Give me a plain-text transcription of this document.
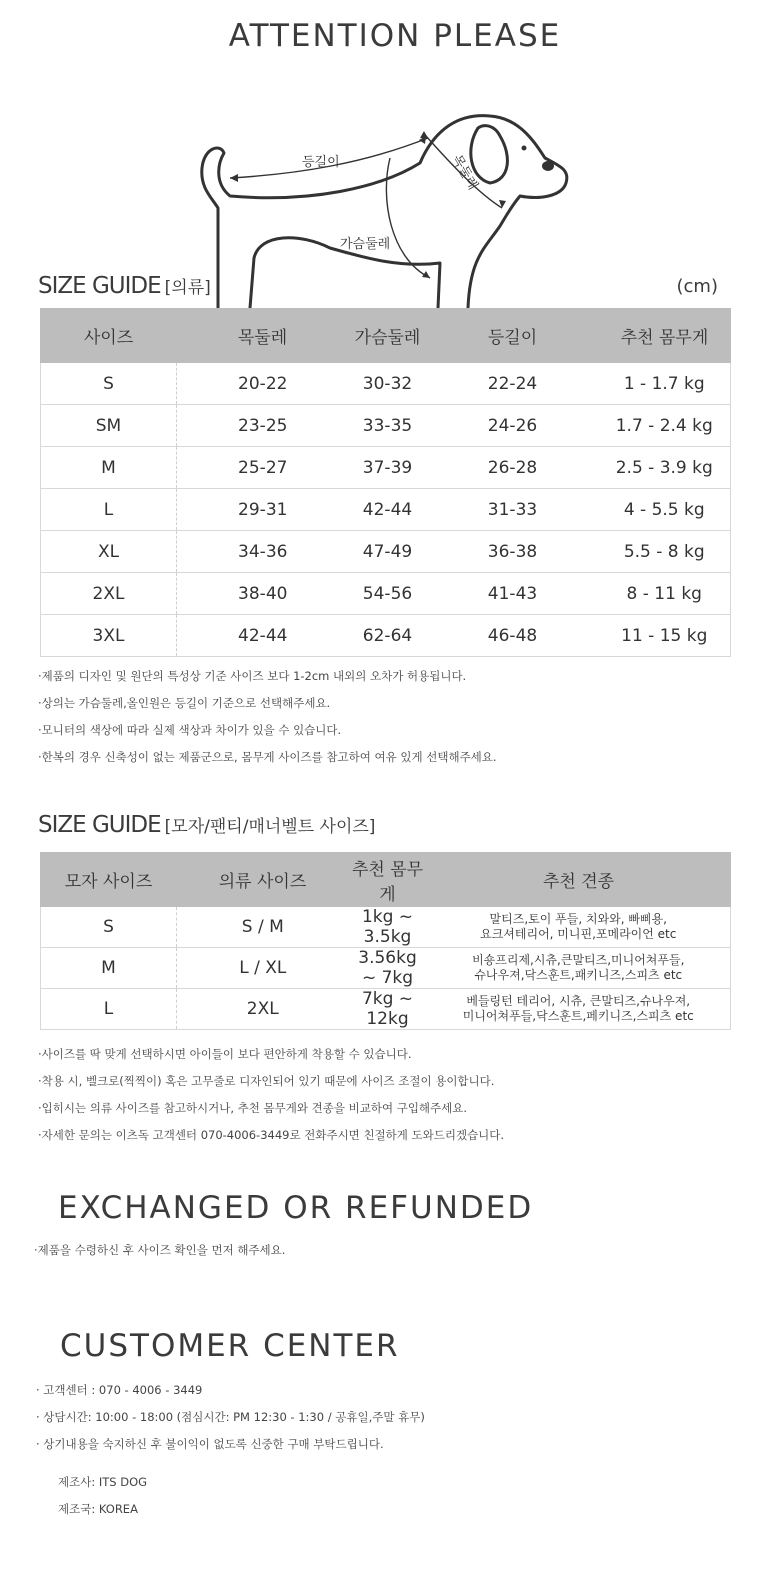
ATTENTION PLEASE
등길이
가슴둘레
목둘레
SIZE GUIDE [의류]	(cm)
사이즈	목둘레	가슴둘레	등길이	추천 몸무게
S	20-22	30-32	22-24	1 - 1.7 kg
SM	23-25	33-35	24-26	1.7 - 2.4 kg
M	25-27	37-39	26-28	2.5 - 3.9 kg
L	29-31	42-44	31-33	4 - 5.5 kg
XL	34-36	47-49	36-38	5.5 - 8 kg
2XL	38-40	54-56	41-43	8 - 11 kg
3XL	42-44	62-64	46-48	11 - 15 kg
·제품의 디자인 및 원단의 특성상 기준 사이즈 보다 1-2cm 내외의 오차가 허용됩니다.
·상의는 가슴둘레,올인원은 등길이 기준으로 선택해주세요.
·모니터의 색상에 따라 실제 색상과 차이가 있을 수 있습니다.
·한복의 경우 신축성이 없는 제품군으로, 몸무게 사이즈를 참고하여 여유 있게 선택해주세요.
SIZE GUIDE [모자/팬티/매너벨트 사이즈]
모자 사이즈	의류 사이즈	추천 몸무게	추천 견종
S	S / M	1kg ~ 3.5kg	말티즈,토이 푸들, 치와와, 빠삐용,
요크셔테리어, 미니핀,포메라이언 etc
M	L / XL	3.56kg ~ 7kg	비숑프리제,시츄,큰말티즈,미니어쳐푸들,
슈나우져,닥스훈트,패키니즈,스피츠 etc
L	2XL	7kg ~ 12kg	베들링턴 테리어, 시츄, 큰말티즈,슈나우져,
미니어쳐푸들,닥스훈트,페키니즈,스피츠 etc
·사이즈를 딱 맞게 선택하시면 아이들이 보다 편안하게 착용할 수 있습니다.
·착용 시, 벨크로(찍찍이) 혹은 고무줄로 디자인되어 있기 때문에 사이즈 조절이 용이합니다.
·입히시는 의류 사이즈를 참고하시거나, 추천 몸무게와 견종을 비교하여 구입해주세요.
·자세한 문의는 이츠독 고객센터 070-4006-3449로 전화주시면 친절하게 도와드리겠습니다.
EXCHANGED OR REFUNDED
·제품을 수령하신 후 사이즈 확인을 먼저 해주세요.
CUSTOMER CENTER
· 고객센터 : 070 - 4006 - 3449
· 상담시간: 10:00 - 18:00 (점심시간: PM 12:30 - 1:30 / 공휴일,주말 휴무)
· 상기내용을 숙지하신 후 불이익이 없도록 신중한 구매 부탁드립니다.
제조사: ITS DOG
제조국: KOREA
